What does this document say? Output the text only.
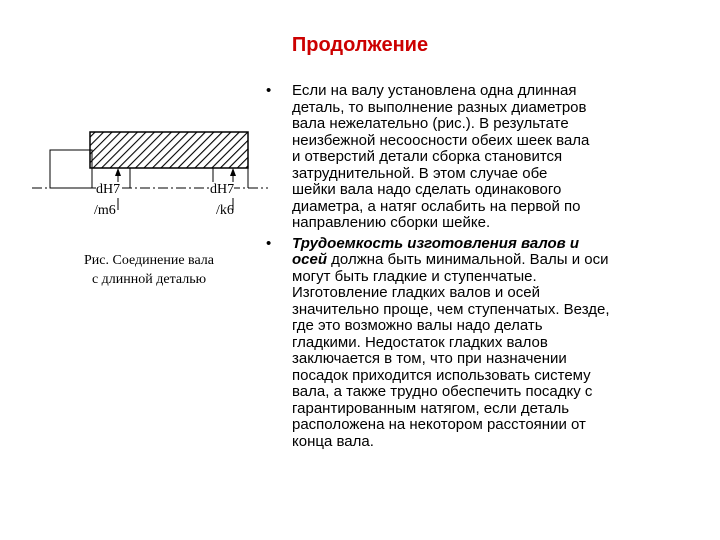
Продолжение
dH7
/m6
dH7
/k6
Рис. Соединение вала
с длинной деталью
• Если на валу установлена одна длинная
деталь, то выполнение разных диаметров
вала нежелательно (рис.). В результате
неизбежной несоосности обеих шеек вала
и отверстий детали сборка становится
затруднительной. В этом случае обе
шейки вала надо сделать одинакового
диаметра, а натяг ослабить на первой по
направлению сборки шейке.

• Трудоемкость изготовления валов и
осей должна быть минимальной. Валы и оси
могут быть гладкие и ступенчатые.
Изготовление гладких валов и осей
значительно проще, чем ступенчатых. Везде,
где это возможно валы надо делать
гладкими. Недостаток гладких валов
заключается в том, что при назначении
посадок приходится использовать систему
вала, а также трудно обеспечить посадку с
гарантированным натягом, если деталь
расположена на некотором расстоянии от
конца вала.
